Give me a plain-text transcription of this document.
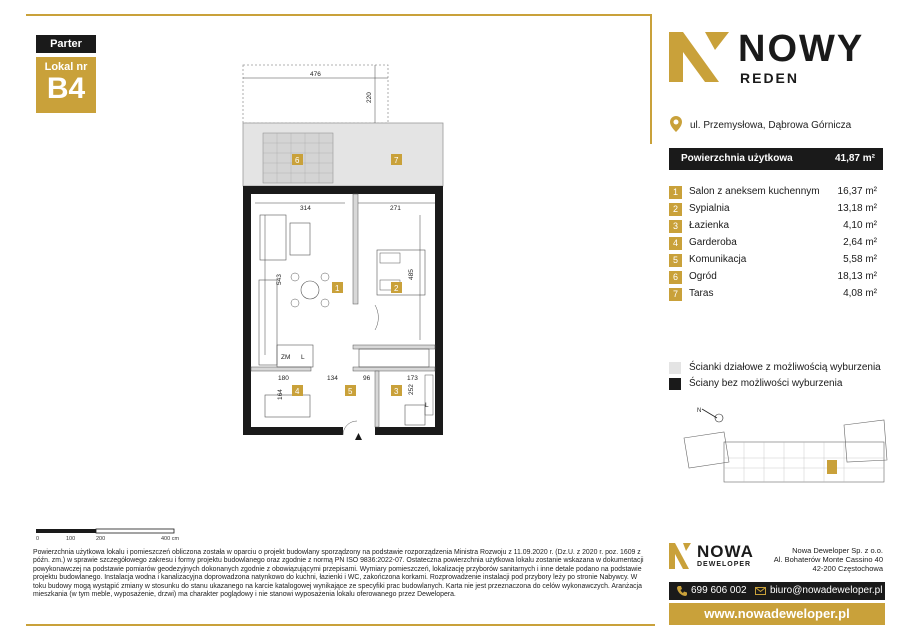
Parter
Lokal nr
B4	476
220
ZM L
L
314	271
485
543
180	134	96	173
164	252
1	2
3
4	5
6	7
0	100	200	400 cm
NOWY
REDEN
ul. Przemysłowa, Dąbrowa Górnicza
Powierzchnia użytkowa	41,87 m²
1	Salon z aneksem kuchennym 16,37 m²
2	Sypialnia	13,18 m²
3	Łazienka	4,10 m²
4	Garderoba	2,64 m²
5	Komunikacja	5,58 m²
6	Ogród	18,13 m²
7	Taras	4,08 m²
Ścianki działowe z możliwością wyburzenia
Ściany bez możliwości wyburzenia
N
Powierzchnia użytkowa lokalu i pomieszczeń obliczona została w oparciu o projekt budowlany sporządzony na podstawie rozporządzenia Ministra Rozwoju z 11.09.2020 r. (Dz.U. z 2020 r. poz. 1609 z późn. zm.) w sprawie szczegółowego zakresu i formy projektu budowlanego oraz zgodnie z normą PN ISO 9836:2022-07. Ostateczna powierzchnia użytkowa lokalu zostanie wskazana w dokumentacji powykonawczej na podstawie pomiarów geodezyjnych dokonanych zgodnie z obowiązującymi przepisami. Wymiary pomieszczeń, lokalizację przyborów sanitarnych i inne detale podano na podstawie projektu budowlanego. Instalacja wodna i kanalizacyjna doprowadzona natynkowo do kuchni, łazienki i WC, zakończona korkami. Rozprowadzenie instalacji pod przybory leży po stronie Nabywcy. W toku budowy mogą wystąpić zmiany w stosunku do stanu ukazanego na karcie katalogowej wynikające ze specyfiki prac budowlanych. Karta nie jest przeznaczona do celów wykonawczych. Aranżacja mieszkania (w tym meble, wyposażenie, drzwi) ma charakter poglądowy i nie stanowi wyposażenia lokalu oferowanego przez Dewelopera.
NOWA
DEWELOPER
Nowa Deweloper Sp. z o.o.
Al. Bohaterów Monte Cassino 40
42-200 Częstochowa
699 606 002 biuro@nowadeweloper.pl
www.nowadeweloper.pl
